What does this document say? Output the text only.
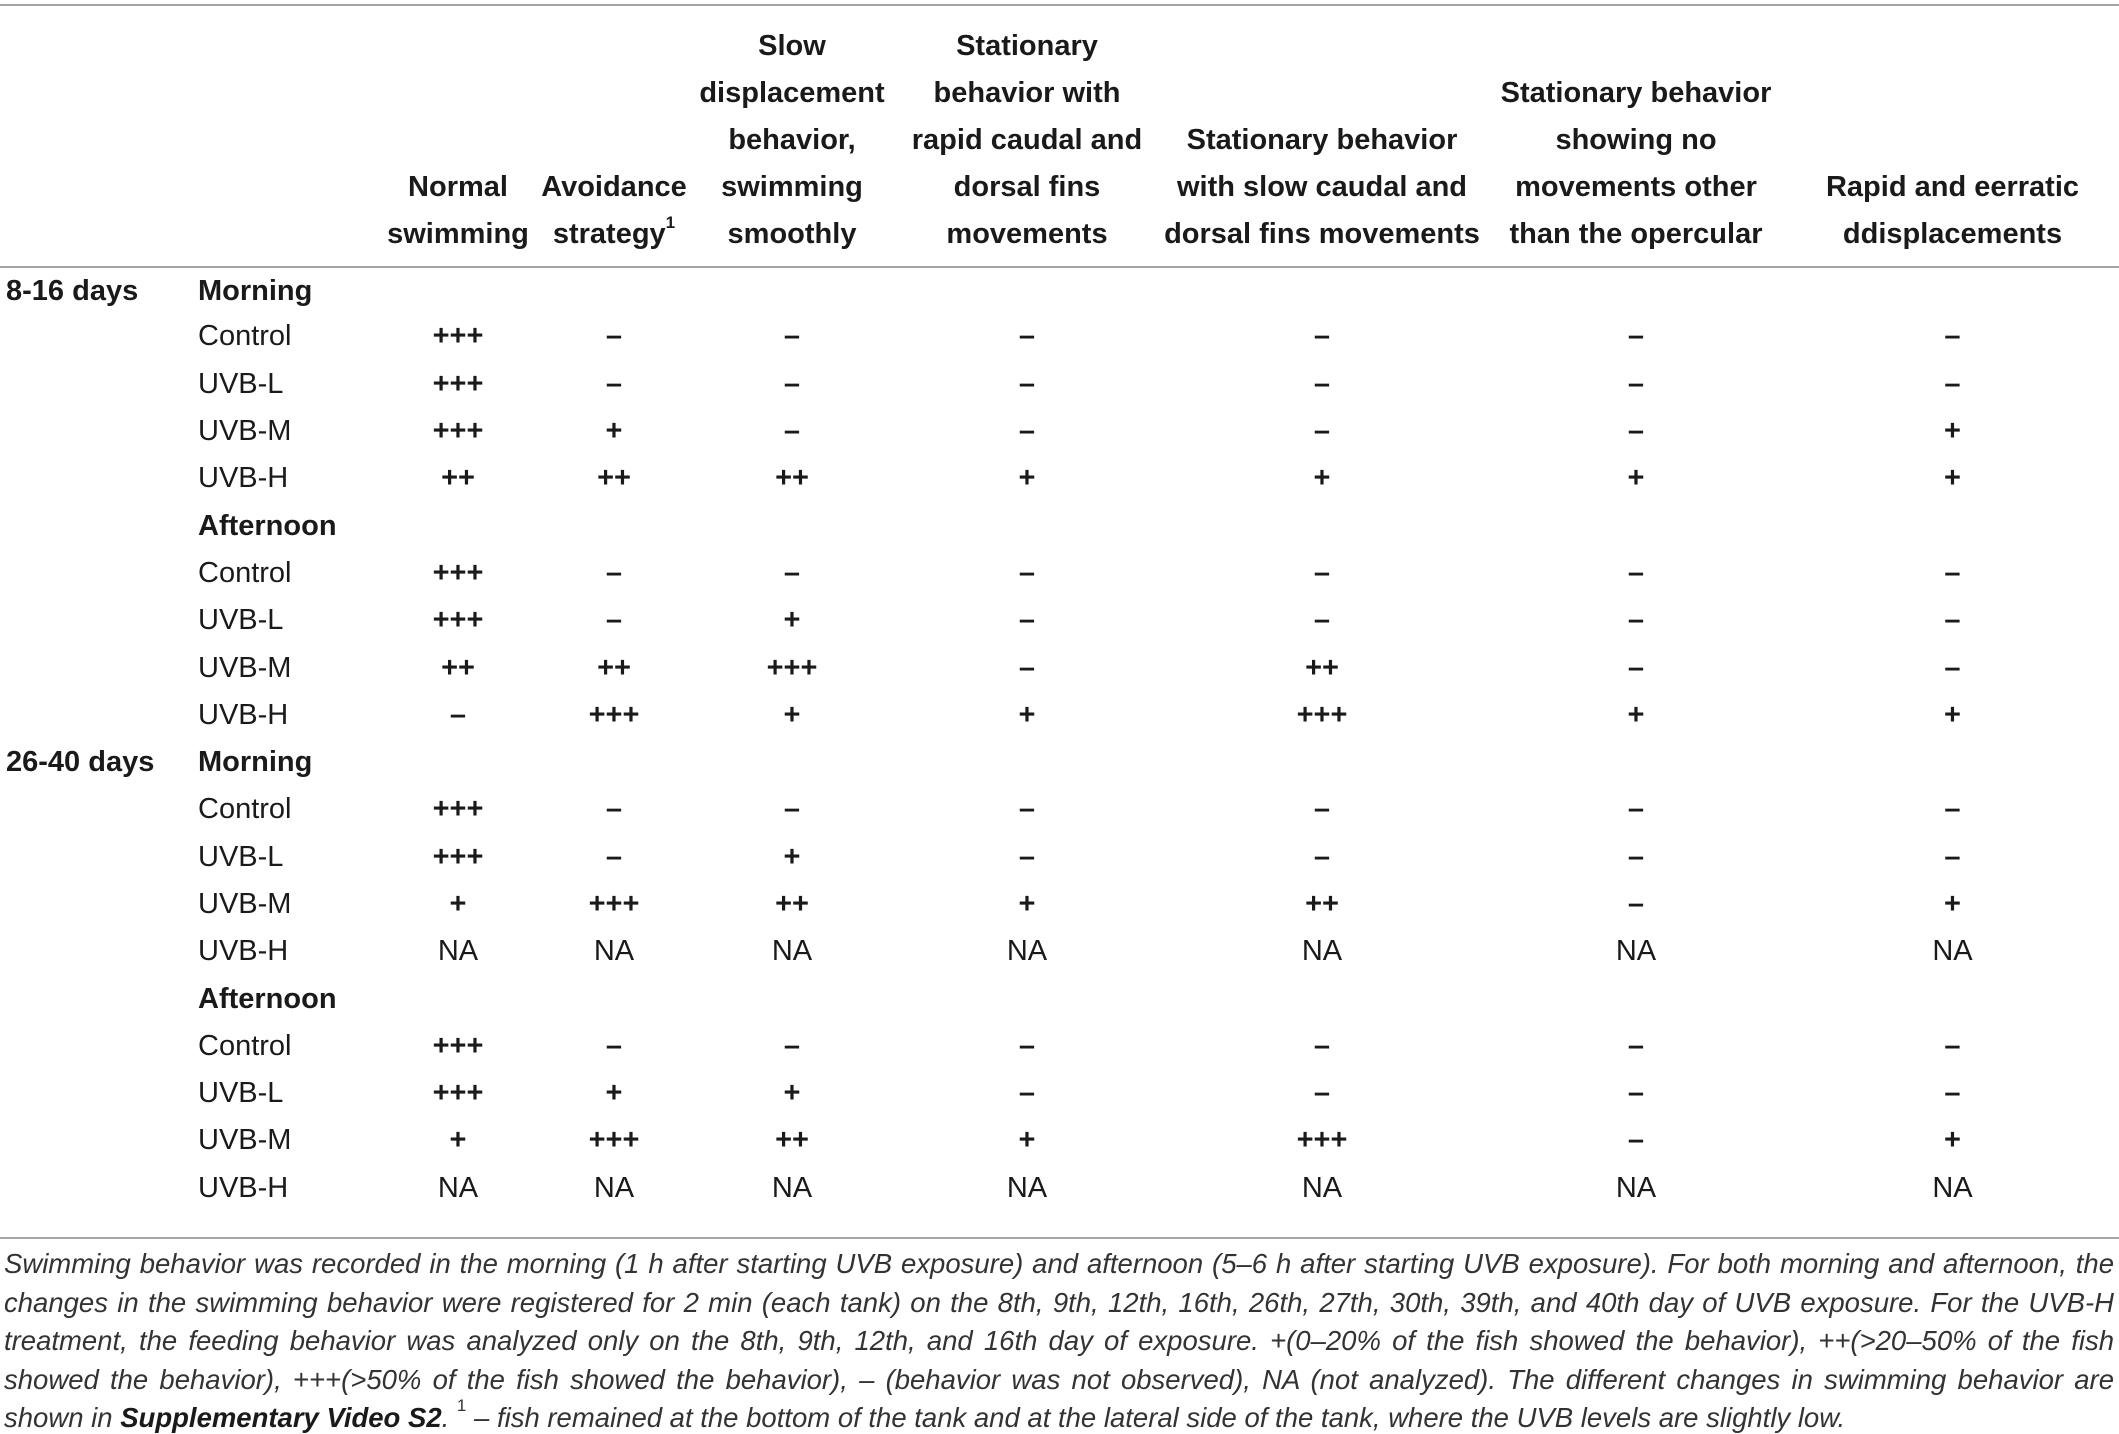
		Normal swimming	Avoidance strategy$^1$	Slow displacement behavior, swimming smoothly	Stationary behavior with rapid caudal and dorsal fins movements	Stationary behavior with slow caudal and dorsal fins movements	Stationary behavior showing no movements other than the opercular	Rapid and eerratic ddisplacements
8-16 days	Morning							
	Control	+++	–	–	–	–	–	–
	UVB-L	+++	–	–	–	–	–	–
	UVB-M	+++	+	–	–	–	–	+
	UVB-H	++	++	++	+	+	+	+
	Afternoon							
	Control	+++	–	–	–	–	–	–
	UVB-L	+++	–	+	–	–	–	–
	UVB-M	++	++	+++	–	++	–	–
	UVB-H	–	+++	+	+	+++	+	+
26-40 days	Morning							
	Control	+++	–	–	–	–	–	–
	UVB-L	+++	–	+	–	–	–	–
	UVB-M	+	+++	++	+	++	–	+
	UVB-H	NA	NA	NA	NA	NA	NA	NA
	Afternoon							
	Control	+++	–	–	–	–	–	–
	UVB-L	+++	+	+	–	–	–	–
	UVB-M	+	+++	++	+	+++	–	+
	UVB-H	NA	NA	NA	NA	NA	NA	NA

Swimming behavior was recorded in the morning (1 h after starting UVB exposure) and afternoon (5–6 h after starting UVB exposure). For both morning and afternoon, the changes in the swimming behavior were registered for 2 min (each tank) on the 8th, 9th, 12th, 16th, 26th, 27th, 30th, 39th, and 40th day of UVB exposure. For the UVB-H treatment, the feeding behavior was analyzed only on the 8th, 9th, 12th, and 16th day of exposure. +(0–20% of the fish showed the behavior), ++(>20–50% of the fish showed the behavior), +++(>50% of the fish showed the behavior), – (behavior was not observed), NA (not analyzed). The different changes in swimming behavior are shown in Supplementary Video S2. $^1$ – fish remained at the bottom of the tank and at the lateral side of the tank, where the UVB levels are slightly low.
